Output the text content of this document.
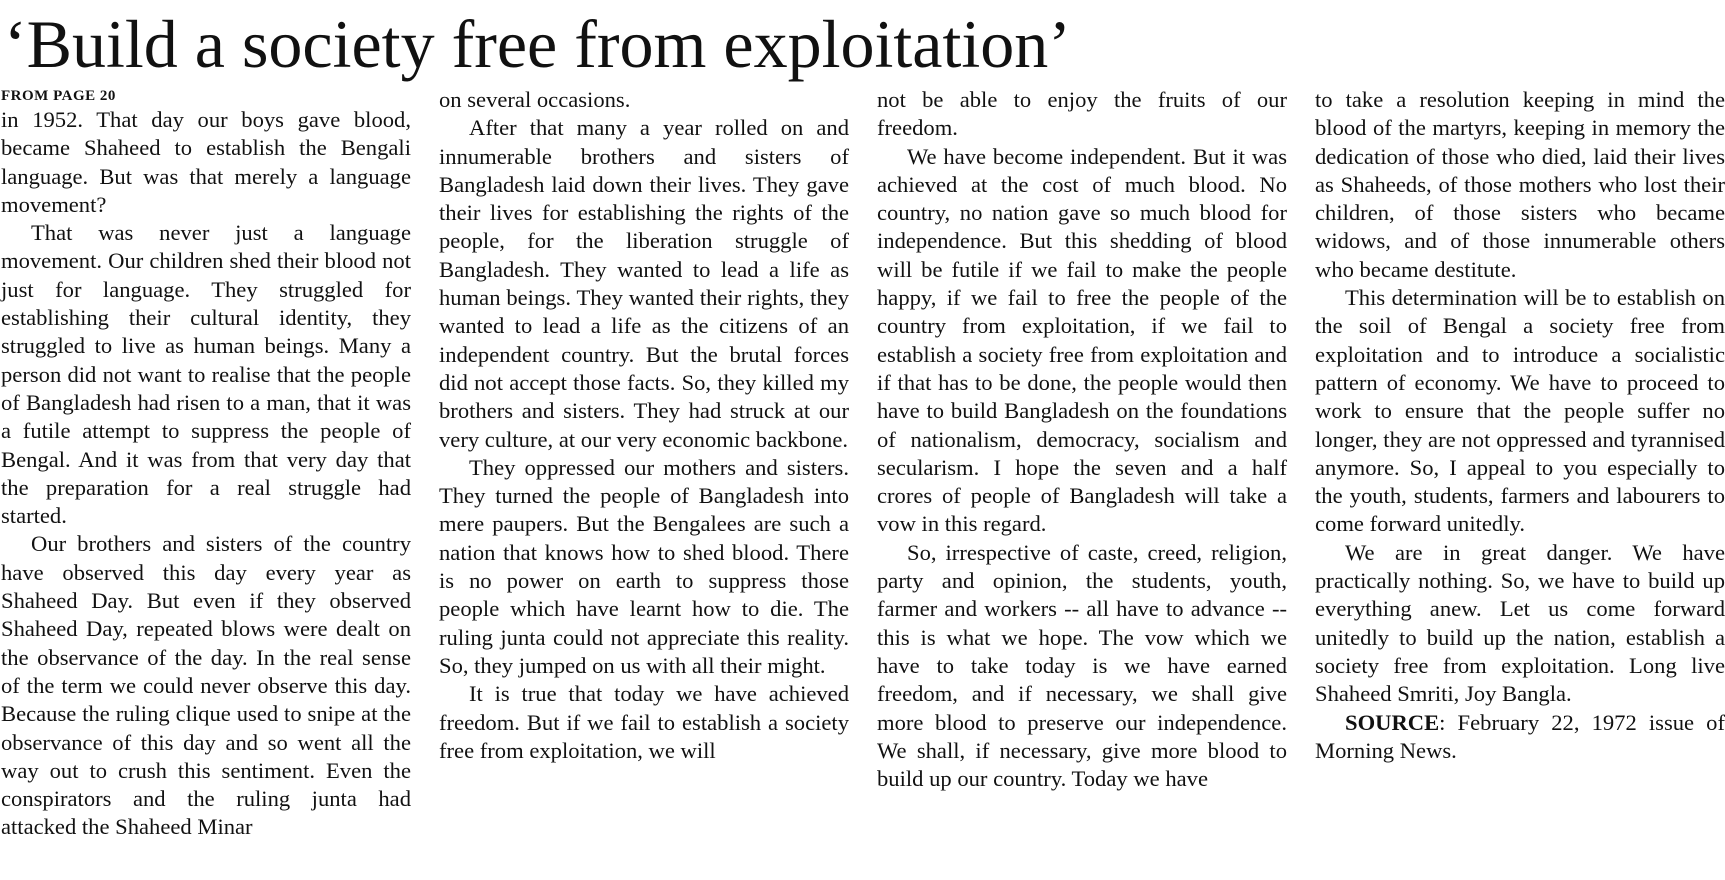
‘Build a society free from exploitation’
FROM PAGE 20

in 1952. That day our boys gave blood, became Shaheed to establish the Bengali language. But was that merely a language movement?

That was never just a language movement. Our children shed their blood not just for language. They struggled for establishing their cultural identity, they struggled to live as human beings. Many a person did not want to realise that the people of Bangladesh had risen to a man, that it was a futile attempt to suppress the people of Bengal. And it was from that very day that the preparation for a real struggle had started.

Our brothers and sisters of the country have observed this day every year as Shaheed Day. But even if they observed Shaheed Day, repeated blows were dealt on the observance of the day. In the real sense of the term we could never observe this day. Because the ruling clique used to snipe at the observance of this day and so went all the way out to crush this sentiment. Even the conspirators and the ruling junta had attacked the Shaheed Minar

on several occasions.

After that many a year rolled on and innumerable brothers and sisters of Bangladesh laid down their lives. They gave their lives for establishing the rights of the people, for the liberation struggle of Bangladesh. They wanted to lead a life as human beings. They wanted their rights, they wanted to lead a life as the citizens of an independent country. But the brutal forces did not accept those facts. So, they killed my brothers and sisters. They had struck at our very culture, at our very economic backbone.

They oppressed our mothers and sisters. They turned the people of Bangladesh into mere paupers. But the Bengalees are such a nation that knows how to shed blood. There is no power on earth to suppress those people which have learnt how to die. The ruling junta could not appreciate this reality. So, they jumped on us with all their might.

It is true that today we have achieved freedom. But if we fail to establish a society free from exploitation, we will

not be able to enjoy the fruits of our freedom.

We have become independent. But it was achieved at the cost of much blood. No country, no nation gave so much blood for independence. But this shedding of blood will be futile if we fail to make the people happy, if we fail to free the people of the country from exploitation, if we fail to establish a society free from exploitation and if that has to be done, the people would then have to build Bangladesh on the foundations of nationalism, democracy, socialism and secularism. I hope the seven and a half crores of people of Bangladesh will take a vow in this regard.

So, irrespective of caste, creed, religion, party and opinion, the students, youth, farmer and workers -- all have to advance -- this is what we hope. The vow which we have to take today is we have earned freedom, and if necessary, we shall give more blood to preserve our independence. We shall, if necessary, give more blood to build up our country. Today we have

to take a resolution keeping in mind the blood of the martyrs, keeping in memory the dedication of those who died, laid their lives as Shaheeds, of those mothers who lost their children, of those sisters who became widows, and of those innumerable others who became destitute.

This determination will be to establish on the soil of Bengal a society free from exploitation and to introduce a socialistic pattern of economy. We have to proceed to work to ensure that the people suffer no longer, they are not oppressed and tyrannised anymore. So, I appeal to you especially to the youth, students, farmers and labourers to come forward unitedly.

We are in great danger. We have practically nothing. So, we have to build up everything anew. Let us come forward unitedly to build up the nation, establish a society free from exploitation. Long live Shaheed Smriti, Joy Bangla.

SOURCE: February 22, 1972 issue of Morning News.
